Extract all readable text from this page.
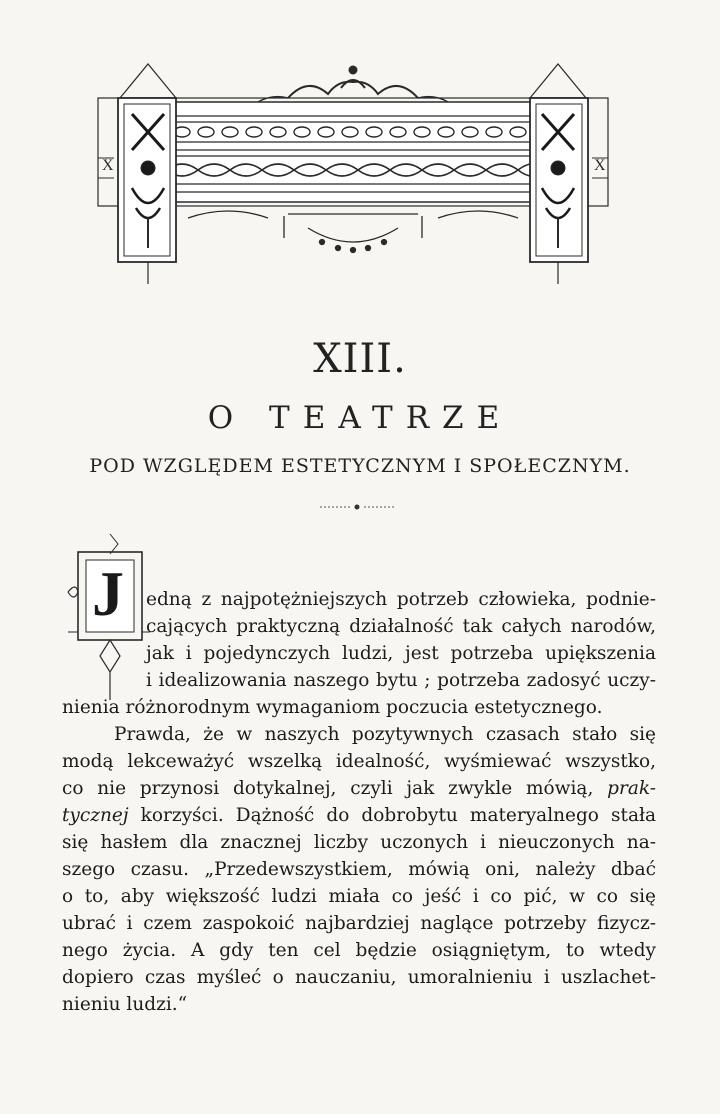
X	X
XIII.
O TEATRZE
POD WZGLĘDEM ESTETYCZNYM I SPOŁECZNYM.
J edną z najpotężniejszych potrzeb człowieka, podnie-
cających praktyczną działalność tak całych narodów,
jak i pojedynczych ludzi, jest potrzeba upiększenia
i idealizowania naszego bytu ; potrzeba zadosyć uczy-
nienia różnorodnym wymaganiom poczucia estetycznego.
Prawda, że w naszych pozytywnych czasach stało się
modą lekceważyć wszelką idealność, wyśmiewać wszystko,
co nie przynosi dotykalnej, czyli jak zwykle mówią, prak-
tycznej korzyści. Dążność do dobrobytu materyalnego stała
się hasłem dla znacznej liczby uczonych i nieuczonych na-
szego czasu. „Przedewszystkiem, mówią oni, należy dbać
o to, aby większość ludzi miała co jeść i co pić, w co się
ubrać i czem zaspokoić najbardziej naglące potrzeby fizycz-
nego życia. A gdy ten cel będzie osiągniętym, to wtedy
dopiero czas myśleć o nauczaniu, umoralnieniu i uszlachet-
nieniu ludzi.“
